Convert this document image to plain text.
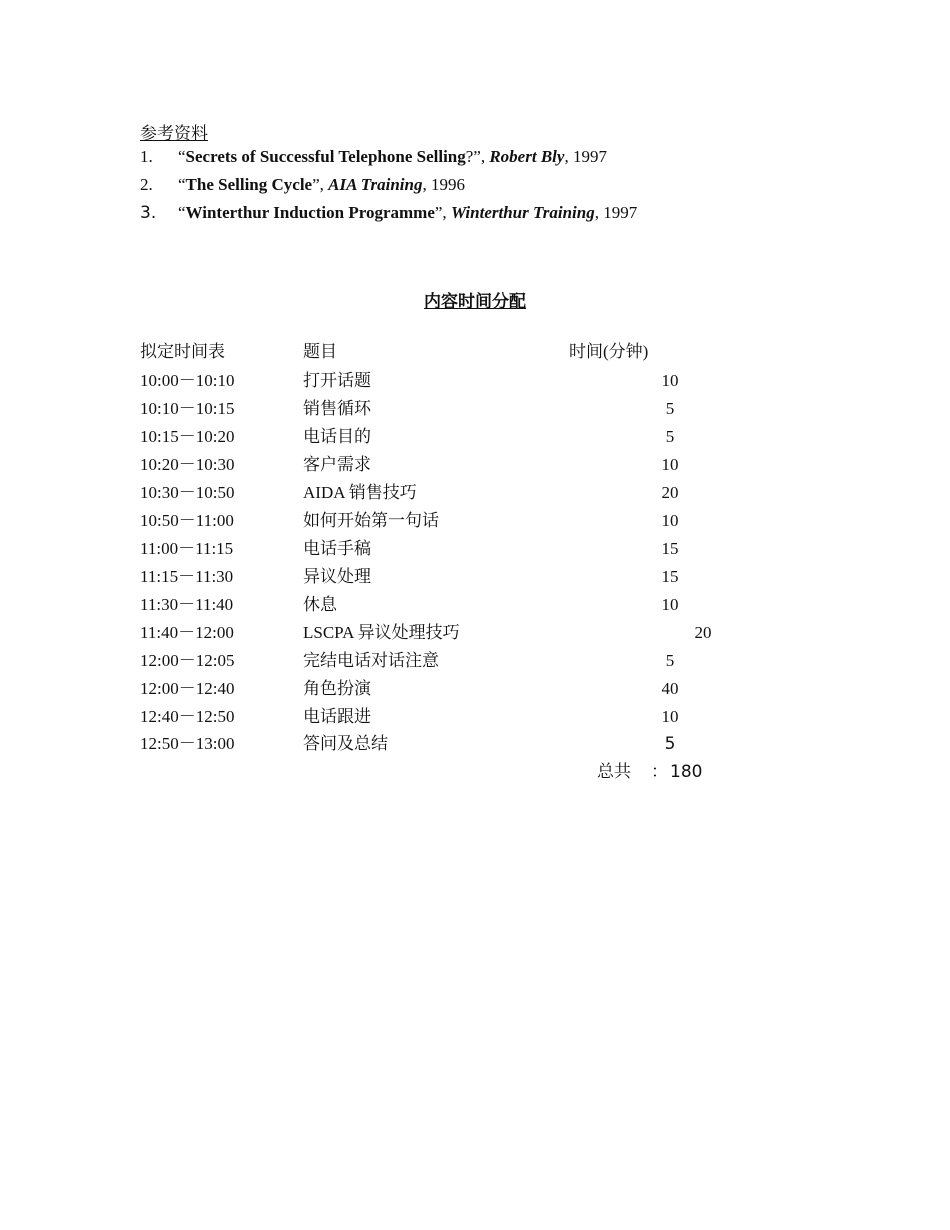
参考资料
1. “Secrets of Successful Telephone Selling?”, Robert Bly, 1997
2. “The Selling Cycle”, AIA Training, 1996
3. “Winterthur Induction Programme”, Winterthur Training, 1997
内容时间分配
拟定时间表	题目	时间(分钟)
10:00－10:10	打开话题	10
10:10－10:15	销售循环	5
10:15－10:20	电话目的	5
10:20－10:30	客户需求	10
10:30－10:50	AIDA 销售技巧	20
10:50－11:00	如何开始第一句话	10
11:00－11:15	电话手稿	15
11:15－11:30	异议处理	15
11:30－11:40	休息	10
11:40－12:00	LSCPA 异议处理技巧	20
12:00－12:05	完结电话对话注意	5
12:00－12:40	角色扮演	40
12:40－12:50	电话跟进	10
12:50－13:00	答问及总结	5
总共 ： 180
